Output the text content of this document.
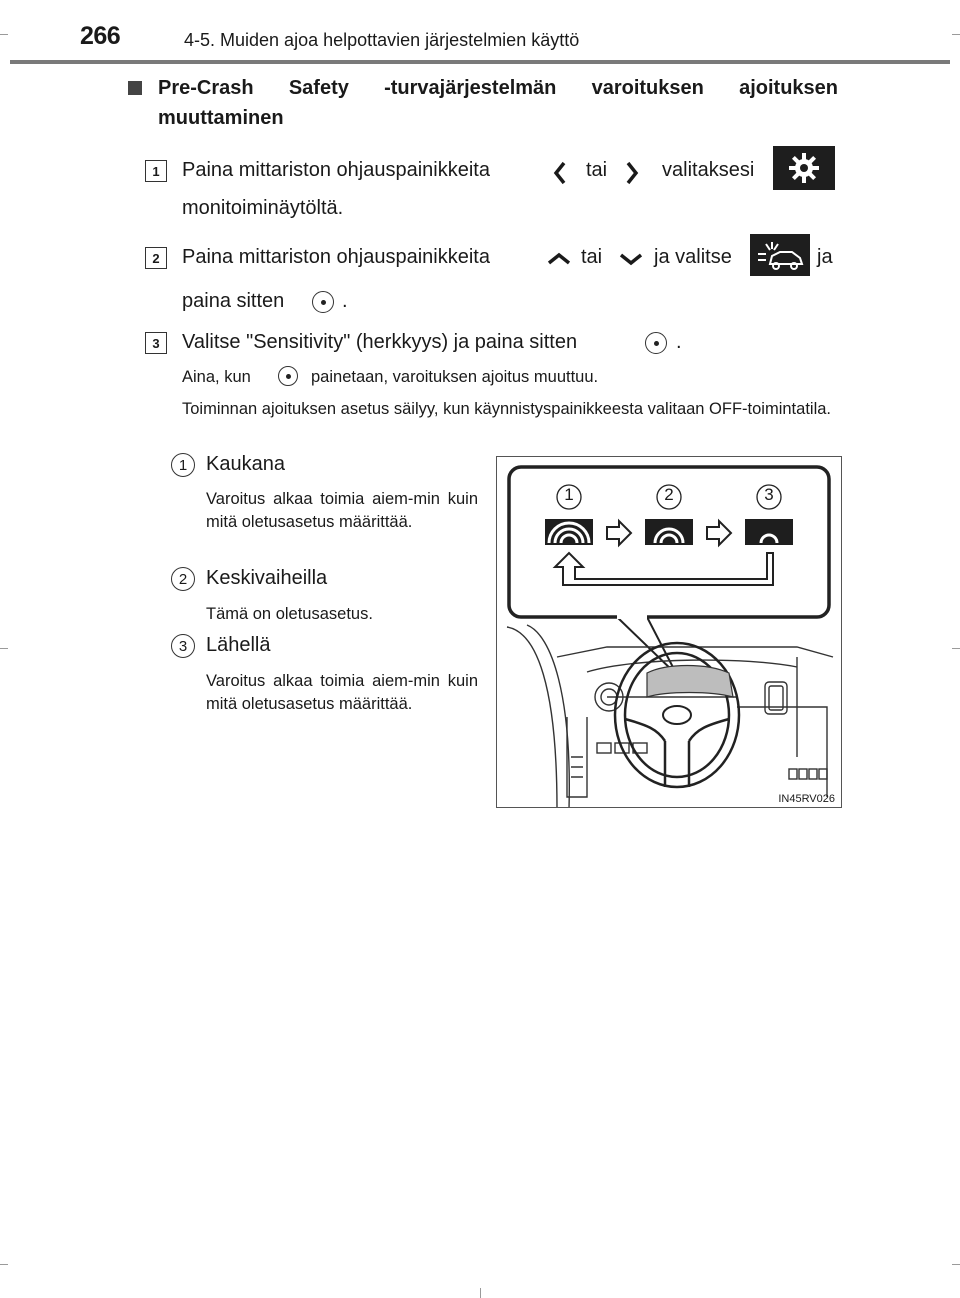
266	4-5. Muiden ajoa helpottavien järjestelmien käyttö
Pre-Crash Safety -turvajärjestelmän varoituksen ajoituksen
muuttaminen
1	Paina mittariston ohjauspainikkeita	tai	valitaksesi
monitoiminäytöltä.
2	Paina mittariston ohjauspainikkeita	tai	ja valitse	ja
paina sitten	.
3	Valitse "Sensitivity" (herkkyys) ja paina sitten	.
Aina, kun	painetaan, varoituksen ajoitus muuttuu.
Toiminnan ajoituksen asetus säilyy, kun käynnistyspainikkeesta valitaan OFF-toimintatila.
1 Kaukana
Varoitus alkaa toimia aiem-min kuin mitä oletusasetus määrittää.
2 Keskivaiheilla
Tämä on oletusasetus.
3 Lähellä
Varoitus alkaa toimia aiem-min kuin mitä oletusasetus määrittää.
1	2	3
IN45RV026
